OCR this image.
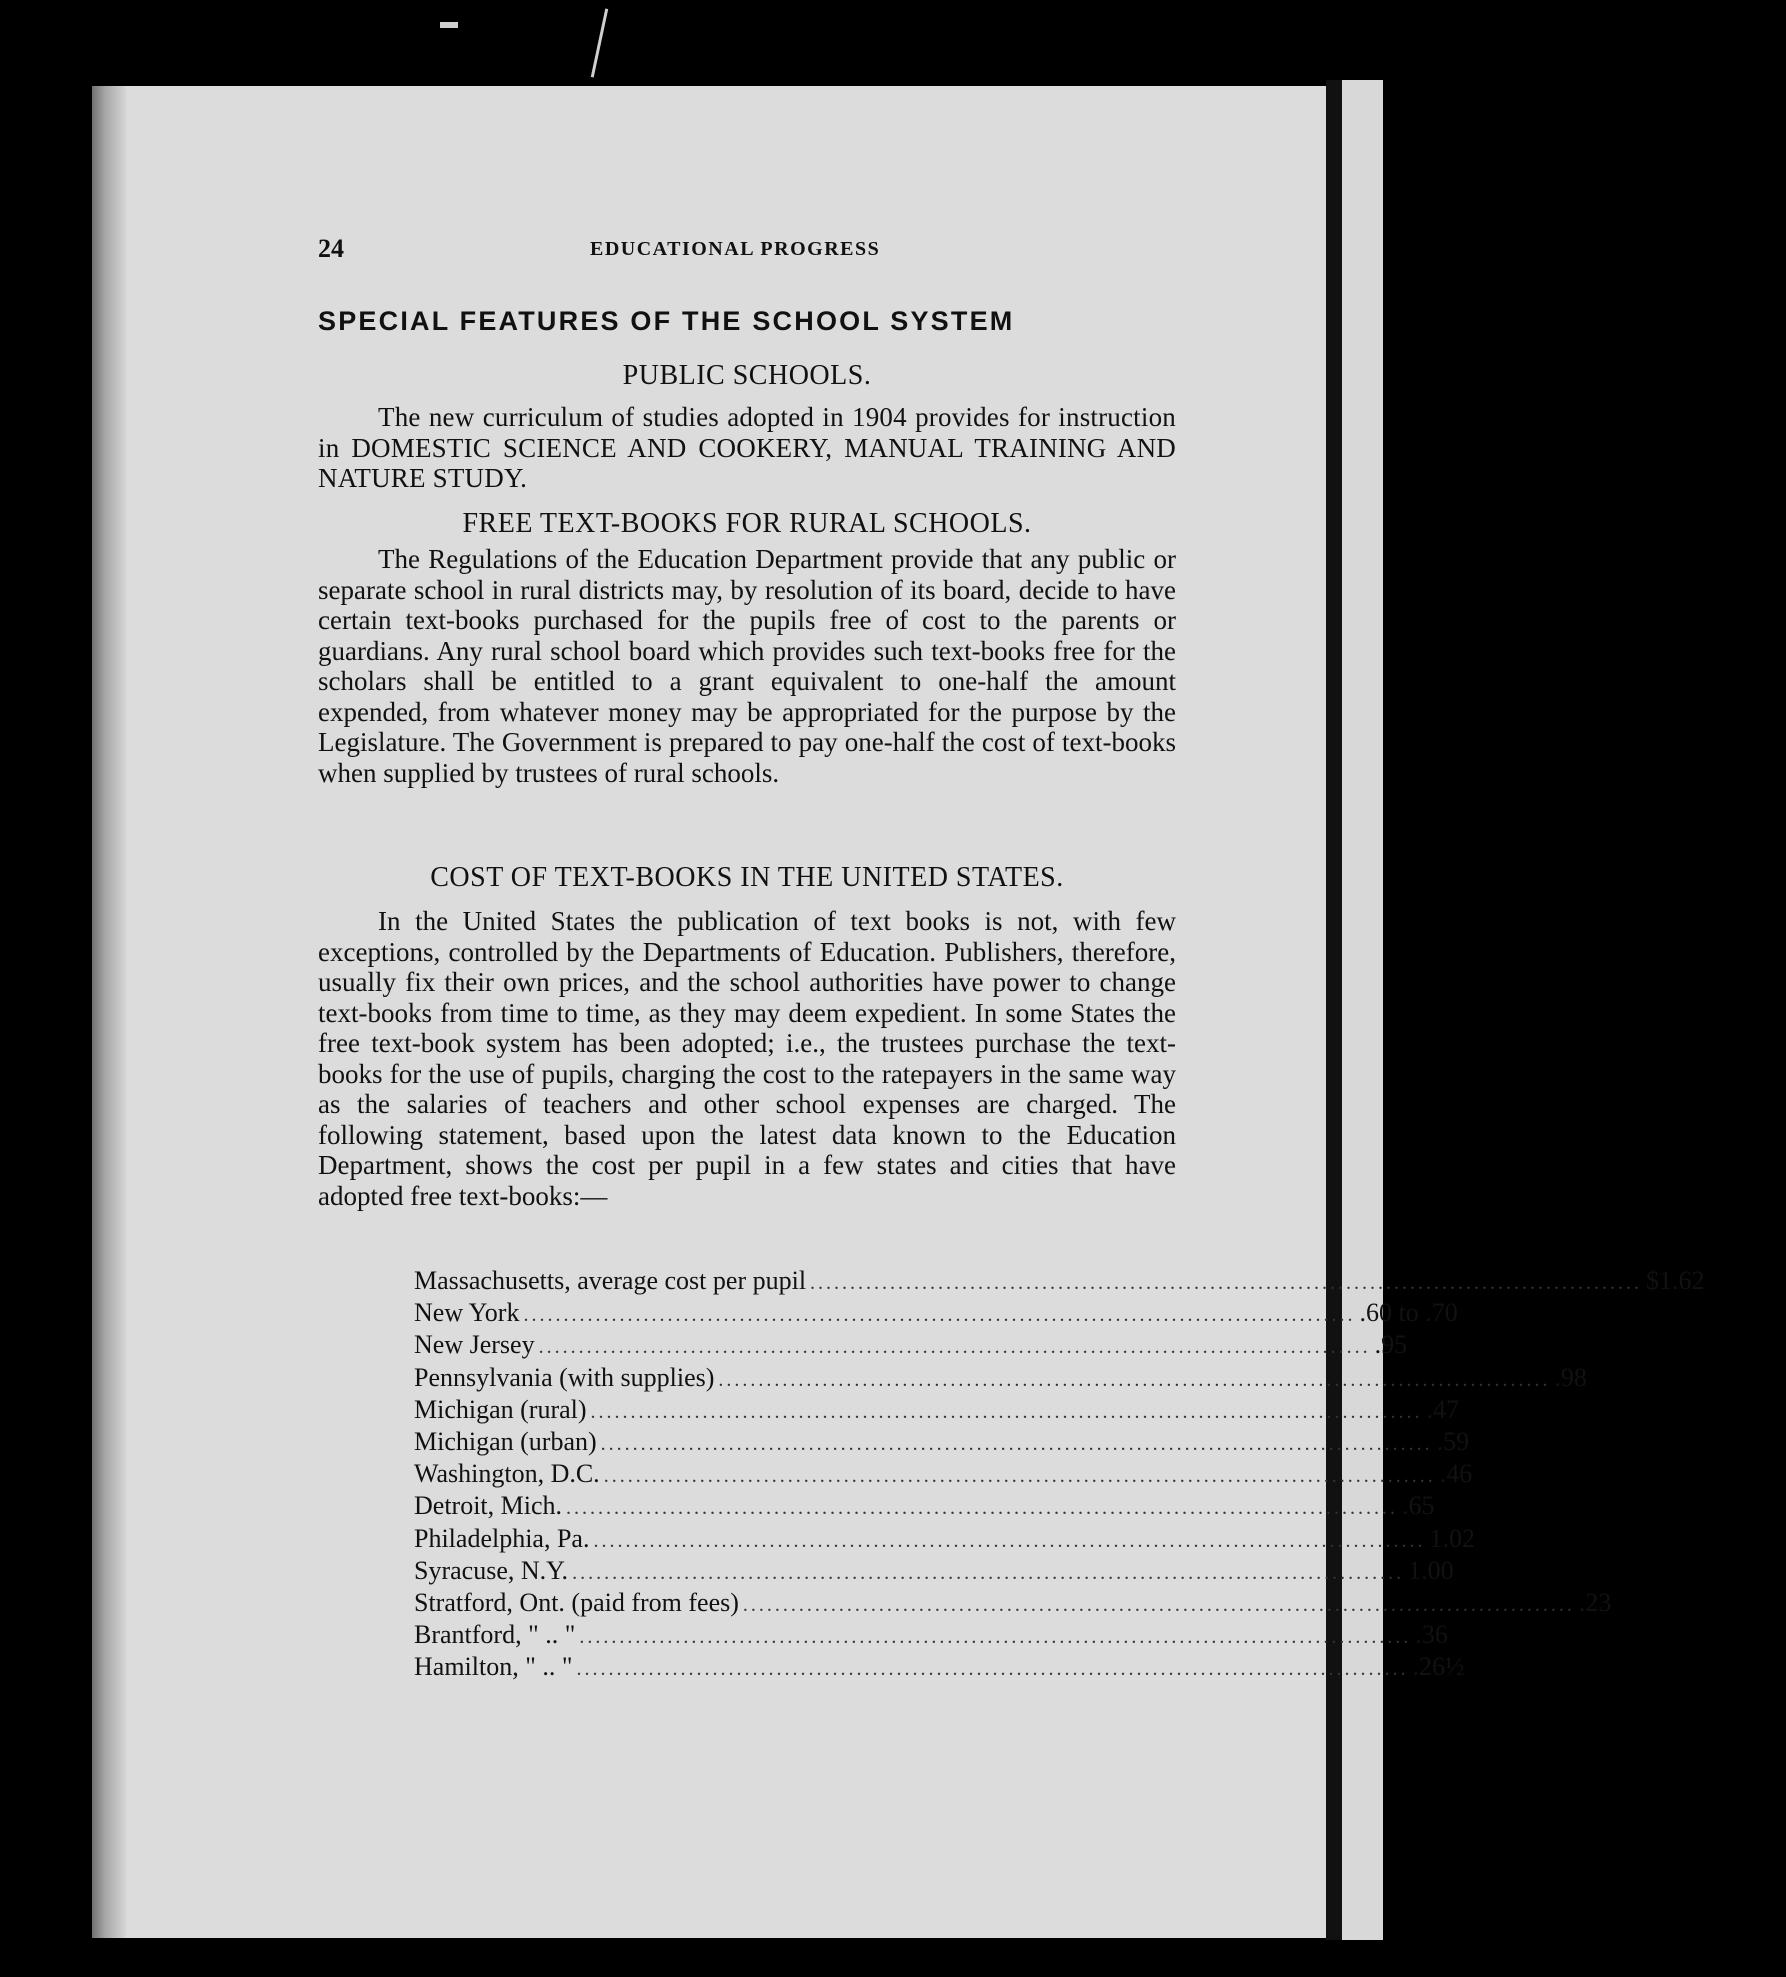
24	EDUCATIONAL PROGRESS
SPECIAL FEATURES OF THE SCHOOL SYSTEM
PUBLIC SCHOOLS.
The new curriculum of studies adopted in 1904 provides for instruction in DOMESTIC SCIENCE AND COOKERY, MANUAL TRAINING AND NATURE STUDY.
FREE TEXT-BOOKS FOR RURAL SCHOOLS.
The Regulations of the Education Department provide that any public or separate school in rural districts may, by resolution of its board, decide to have certain text-books purchased for the pupils free of cost to the parents or guardians. Any rural school board which provides such text-books free for the scholars shall be entitled to a grant equivalent to one-half the amount expended, from whatever money may be appropriated for the purpose by the Legislature. The Government is prepared to pay one-half the cost of text-books when supplied by trustees of rural schools.
COST OF TEXT-BOOKS IN THE UNITED STATES.
In the United States the publication of text books is not, with few exceptions, controlled by the Departments of Education. Publishers, therefore, usually fix their own prices, and the school authorities have power to change text-books from time to time, as they may deem expedient. In some States the free text-book system has been adopted; i.e., the trustees purchase the text-books for the use of pupils, charging the cost to the ratepayers in the same way as the salaries of teachers and other school expenses are charged. The following statement, based upon the latest data known to the Education Department, shows the cost per pupil in a few states and cities that have adopted free text-books:—
Massachusetts, average cost per pupil ........................................................................................................ $1.62
New York ........................................................................................................ .60 to .70
New Jersey ........................................................................................................ .95
Pennsylvania (with supplies) ........................................................................................................ .98
Michigan (rural) ........................................................................................................ .47
Michigan (urban) ........................................................................................................ .59
Washington, D.C. ........................................................................................................ .46
Detroit, Mich. ........................................................................................................ .65
Philadelphia, Pa. ........................................................................................................ 1.02
Syracuse, N.Y. ........................................................................................................ 1.00
Stratford, Ont. (paid from fees) ........................................................................................................ .23
Brantford, " .. " ........................................................................................................ .36
Hamilton, " .. " ........................................................................................................ .26½
